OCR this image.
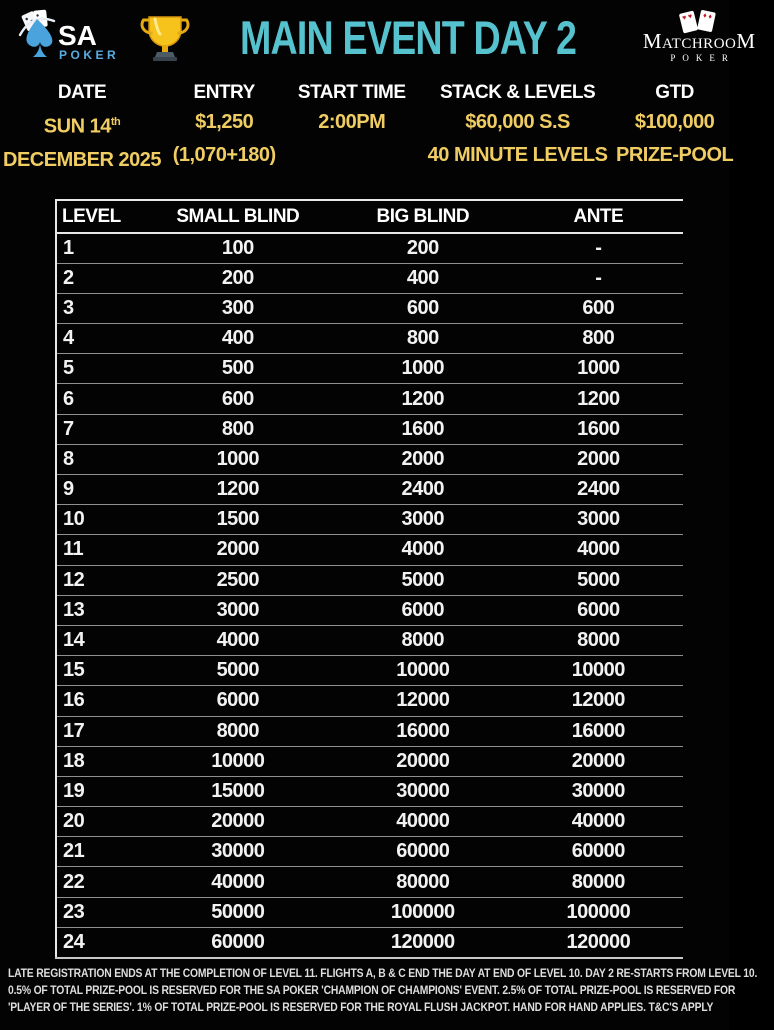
SA
POKER	MAIN EVENT DAY 2	♥ ♥	♦ ♦
MATCHROOM
POKER
DATE
SUN 14th
DECEMBER 2025
ENTRY
$1,250
(1,070+180)
START TIME
2:00PM
STACK & LEVELS
$60,000 S.S
40 MINUTE LEVELS
GTD
$100,000
PRIZE-POOL
LEVEL	SMALL BLIND	BIG BLIND	ANTE
1	100	200	-
2	200	400	-
3	300	600	600
4	400	800	800
5	500	1000	1000
6	600	1200	1200
7	800	1600	1600
8	1000	2000	2000
9	1200	2400	2400
10	1500	3000	3000
11	2000	4000	4000
12	2500	5000	5000
13	3000	6000	6000
14	4000	8000	8000
15	5000	10000	10000
16	6000	12000	12000
17	8000	16000	16000
18	10000	20000	20000
19	15000	30000	30000
20	20000	40000	40000
21	30000	60000	60000
22	40000	80000	80000
23	50000	100000	100000
24	60000	120000	120000
LATE REGISTRATION ENDS AT THE COMPLETION OF LEVEL 11. FLIGHTS A, B & C END THE DAY AT END OF LEVEL 10. DAY 2 RE-STARTS FROM LEVEL 10.
0.5% OF TOTAL PRIZE-POOL IS RESERVED FOR THE SA POKER 'CHAMPION OF CHAMPIONS' EVENT. 2.5% OF TOTAL PRIZE-POOL IS RESERVED FOR
'PLAYER OF THE SERIES'. 1% OF TOTAL PRIZE-POOL IS RESERVED FOR THE ROYAL FLUSH JACKPOT. HAND FOR HAND APPLIES. T&C'S APPLY
